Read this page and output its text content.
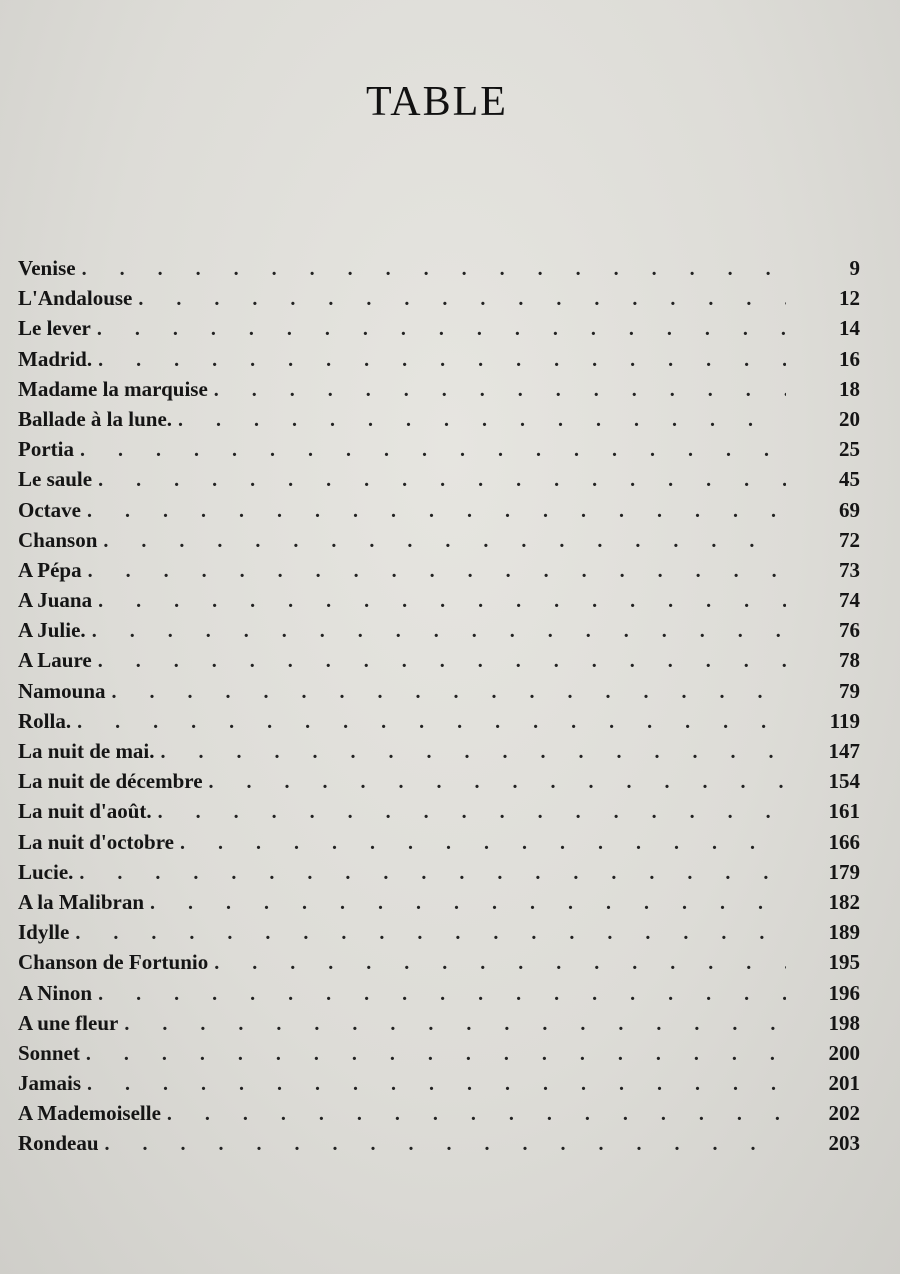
TABLE
Venise . . .	9
L'Andalouse . . .	12
Le lever . . .	14
Madrid. . . .	16
Madame la marquise . . .	18
Ballade à la lune. . . .	20
Portia . . .	25
Le saule . . .	45
Octave . . .	69
Chanson . . .	72
A Pépa . . .	73
A Juana . . .	74
A Julie. . . .	76
A Laure . . .	78
Namouna . . .	79
Rolla. . . .	119
La nuit de mai. . . .	147
La nuit de décembre . . .	154
La nuit d'août. . . .	161
La nuit d'octobre . . .	166
Lucie. . . .	179
A la Malibran . . .	182
Idylle . . .	189
Chanson de Fortunio . . .	195
A Ninon . . .	196
A une fleur . . .	198
Sonnet . . .	200
Jamais . . .	201
A Mademoiselle . . .	202
Rondeau . . .	203
